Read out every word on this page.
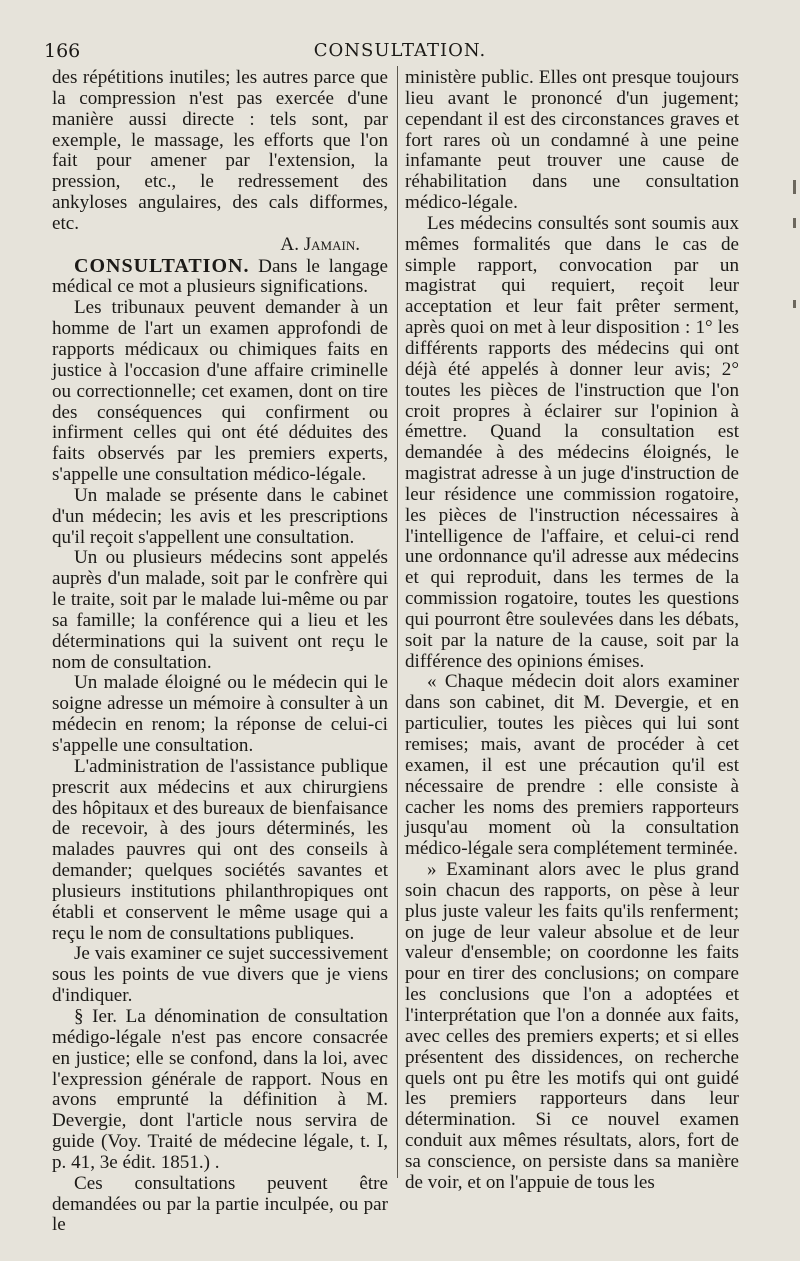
166	CONSULTATION.

des répétitions inutiles; les autres parce que la compression n'est pas exercée d'une manière aussi directe : tels sont, par exemple, le massage, les efforts que l'on fait pour amener par l'extension, la pression, etc., le redressement des ankyloses angulaires, des cals difformes, etc.

A. Jamain.

CONSULTATION. Dans le langage médical ce mot a plusieurs significations.

Les tribunaux peuvent demander à un homme de l'art un examen approfondi de rapports médicaux ou chimiques faits en justice à l'occasion d'une affaire criminelle ou correctionnelle; cet examen, dont on tire des conséquences qui confirment ou infirment celles qui ont été déduites des faits observés par les premiers experts, s'appelle une consultation médico-légale.

Un malade se présente dans le cabinet d'un médecin; les avis et les prescriptions qu'il reçoit s'appellent une consultation.

Un ou plusieurs médecins sont appelés auprès d'un malade, soit par le confrère qui le traite, soit par le malade lui-même ou par sa famille; la conférence qui a lieu et les déterminations qui la suivent ont reçu le nom de consultation.

Un malade éloigné ou le médecin qui le soigne adresse un mémoire à consulter à un médecin en renom; la réponse de celui-ci s'appelle une consultation.

L'administration de l'assistance publique prescrit aux médecins et aux chirurgiens des hôpitaux et des bureaux de bienfaisance de recevoir, à des jours déterminés, les malades pauvres qui ont des conseils à demander; quelques sociétés savantes et plusieurs institutions philanthropiques ont établi et conservent le même usage qui a reçu le nom de consultations publiques.

Je vais examiner ce sujet successivement sous les points de vue divers que je viens d'indiquer.

§ Ier. La dénomination de consultation médigo-légale n'est pas encore consacrée en justice; elle se confond, dans la loi, avec l'expression générale de rapport. Nous en avons emprunté la définition à M. Devergie, dont l'article nous servira de guide (Voy. Traité de médecine légale, t. I, p. 41, 3e édit. 1851.) .

Ces consultations peuvent être demandées ou par la partie inculpée, ou par le

ministère public. Elles ont presque toujours lieu avant le prononcé d'un jugement; cependant il est des circonstances graves et fort rares où un condamné à une peine infamante peut trouver une cause de réhabilitation dans une consultation médico-légale.

Les médecins consultés sont soumis aux mêmes formalités que dans le cas de simple rapport, convocation par un magistrat qui requiert, reçoit leur acceptation et leur fait prêter serment, après quoi on met à leur disposition : 1° les différents rapports des médecins qui ont déjà été appelés à donner leur avis; 2° toutes les pièces de l'instruction que l'on croit propres à éclairer sur l'opinion à émettre. Quand la consultation est demandée à des médecins éloignés, le magistrat adresse à un juge d'instruction de leur résidence une commission rogatoire, les pièces de l'instruction nécessaires à l'intelligence de l'affaire, et celui-ci rend une ordonnance qu'il adresse aux médecins et qui reproduit, dans les termes de la commission rogatoire, toutes les questions qui pourront être soulevées dans les débats, soit par la nature de la cause, soit par la différence des opinions émises.

« Chaque médecin doit alors examiner dans son cabinet, dit M. Devergie, et en particulier, toutes les pièces qui lui sont remises; mais, avant de procéder à cet examen, il est une précaution qu'il est nécessaire de prendre : elle consiste à cacher les noms des premiers rapporteurs jusqu'au moment où la consultation médico-légale sera complétement terminée.

» Examinant alors avec le plus grand soin chacun des rapports, on pèse à leur plus juste valeur les faits qu'ils renferment; on juge de leur valeur absolue et de leur valeur d'ensemble; on coordonne les faits pour en tirer des conclusions; on compare les conclusions que l'on a adoptées et l'interprétation que l'on a donnée aux faits, avec celles des premiers experts; et si elles présentent des dissidences, on recherche quels ont pu être les motifs qui ont guidé les premiers rapporteurs dans leur détermination. Si ce nouvel examen conduit aux mêmes résultats, alors, fort de sa conscience, on persiste dans sa manière de voir, et on l'appuie de tous les
